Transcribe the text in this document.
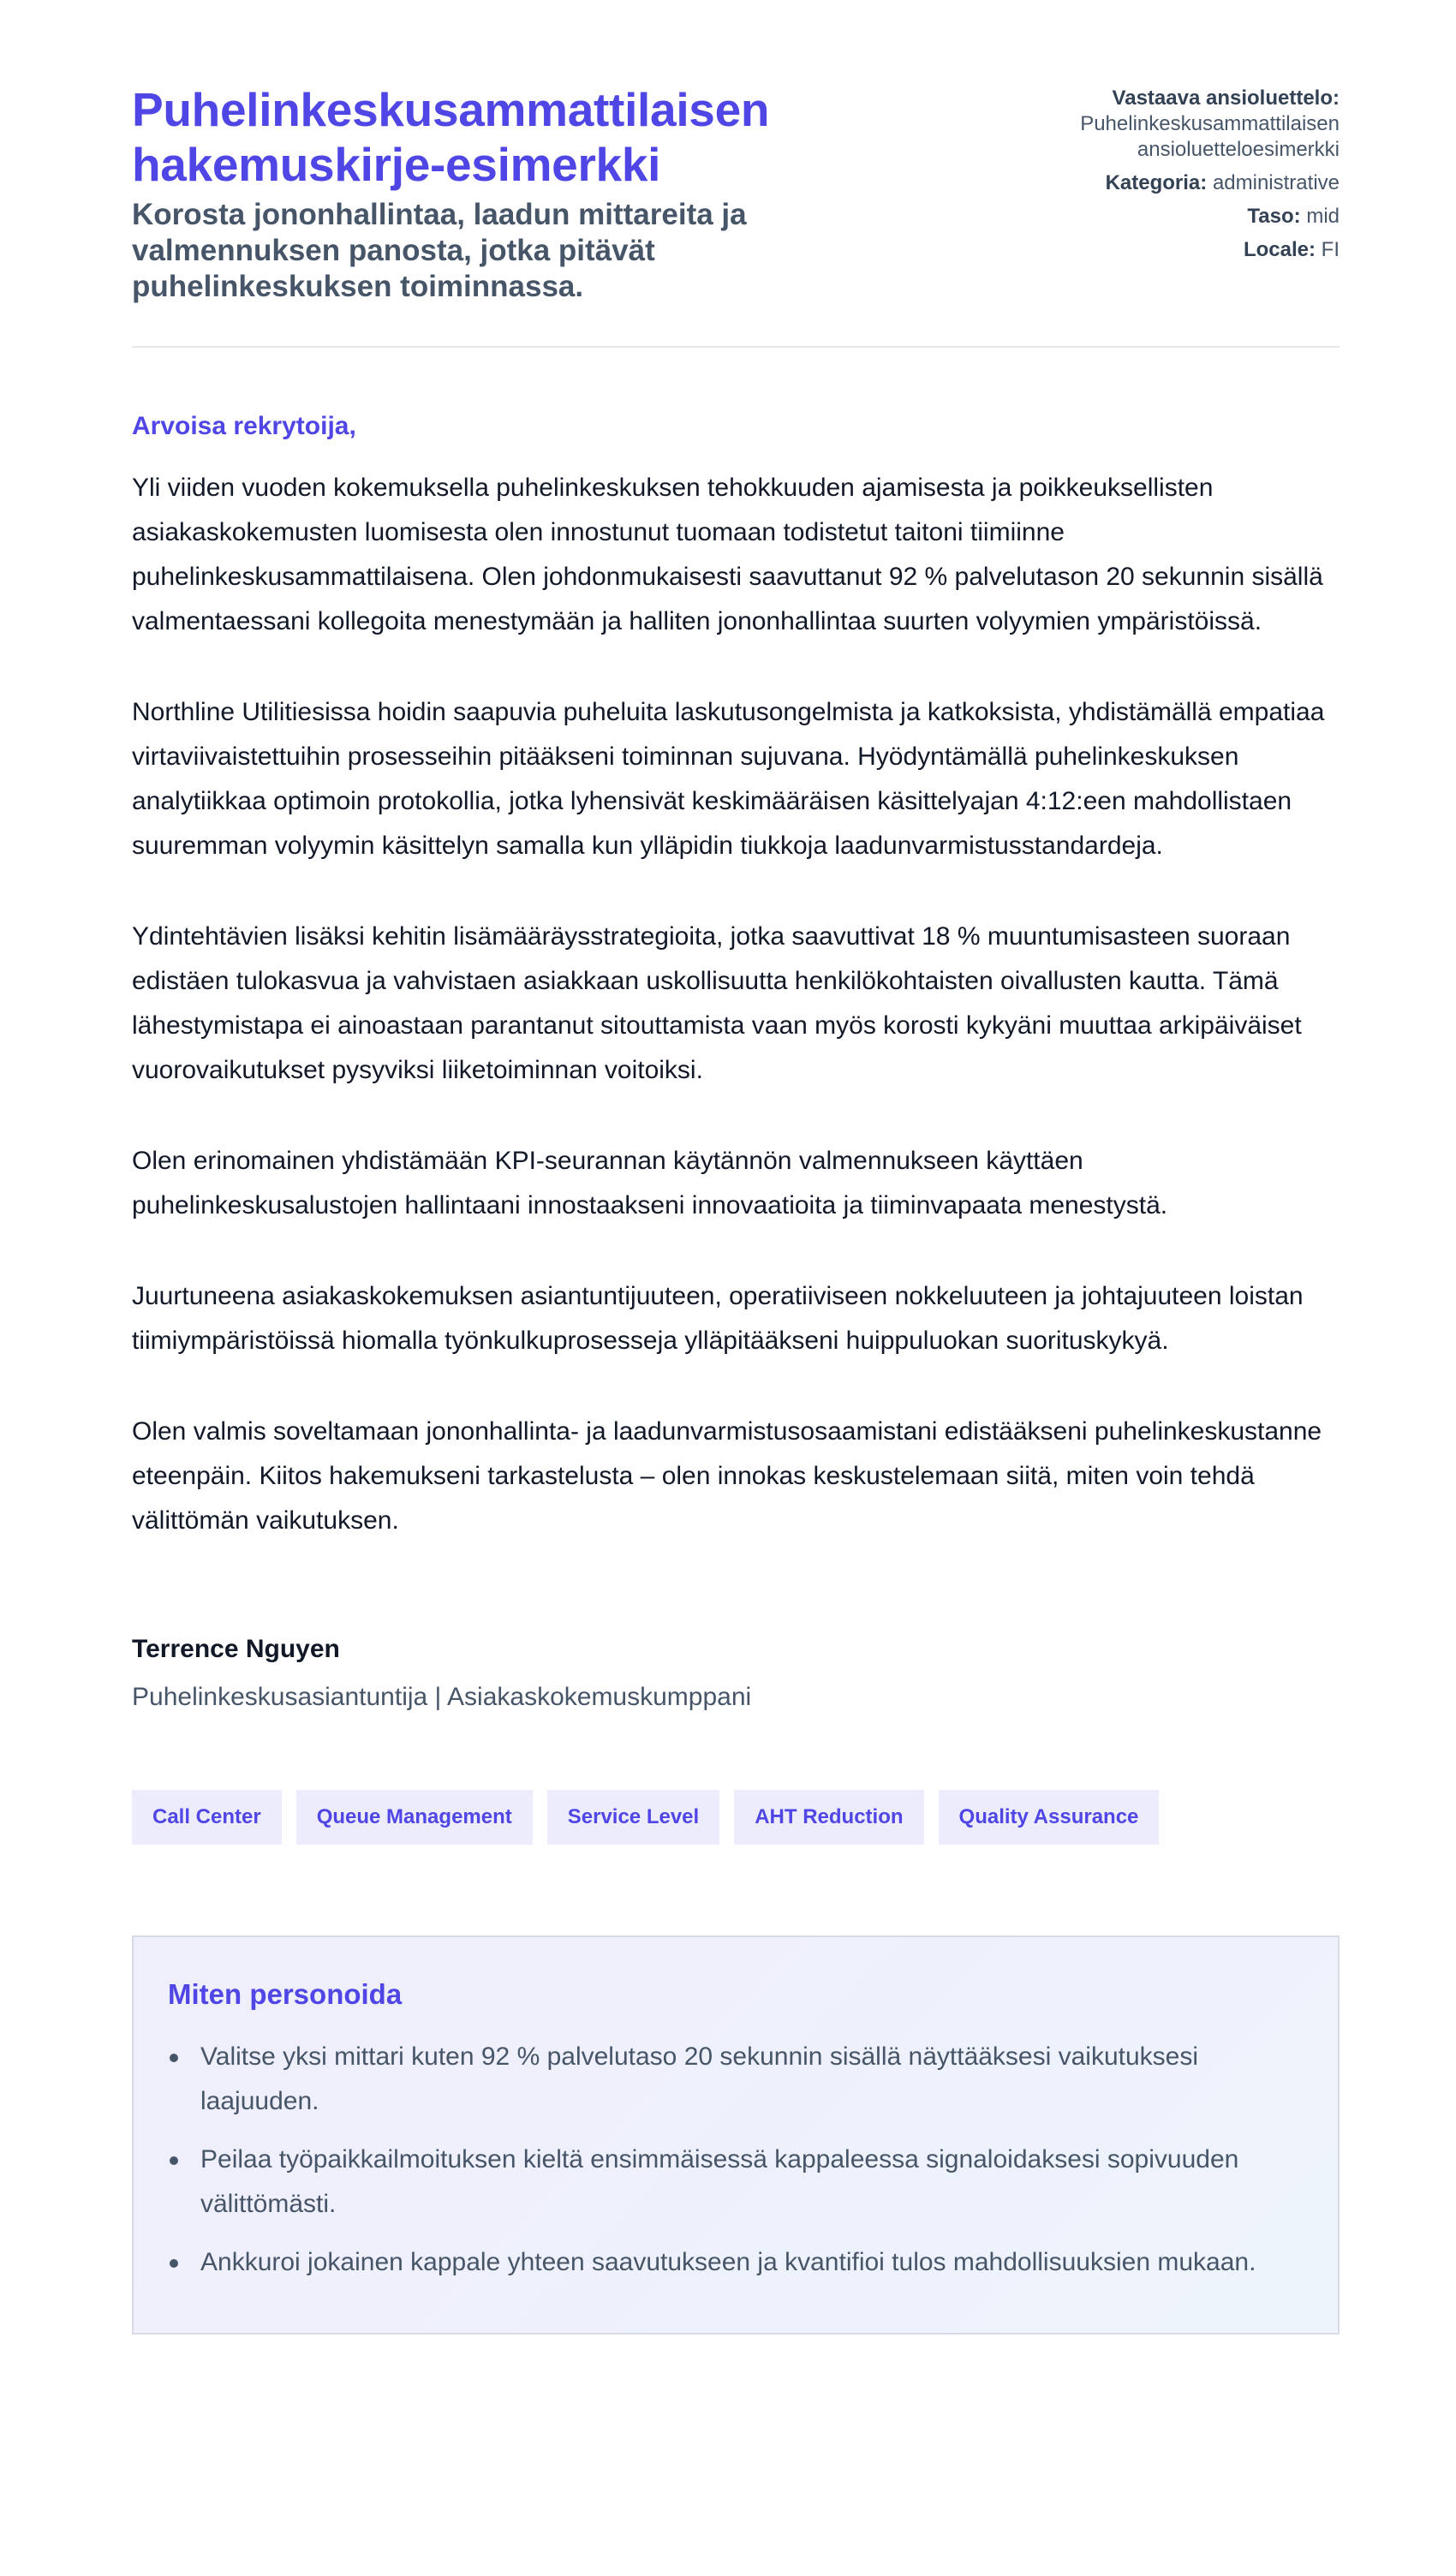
Puhelinkeskusammattilaisen hakemuskirje-esimerkki
Korosta jononhallintaa, laadun mittareita ja valmennuksen panosta, jotka pitävät puhelinkeskuksen toiminnassa.
Vastaava ansioluettelo:
Puhelinkeskusammattilaisen ansioluetteloesimerkki
Kategoria: administrative
Taso: mid
Locale: FI
Arvoisa rekrytoija,

Yli viiden vuoden kokemuksella puhelinkeskuksen tehokkuuden ajamisesta ja poikkeuksellisten asiakaskokemusten luomisesta olen innostunut tuomaan todistetut taitoni tiimiinne puhelinkeskusammattilaisena. Olen johdonmukaisesti saavuttanut 92 % palvelutason 20 sekunnin sisällä valmentaessani kollegoita menestymään ja halliten jononhallintaa suurten volyymien ympäristöissä.

Northline Utilitiesissa hoidin saapuvia puheluita laskutusongelmista ja katkoksista, yhdistämällä empatiaa virtaviivaistettuihin prosesseihin pitääkseni toiminnan sujuvana. Hyödyntämällä puhelinkeskuksen analytiikkaa optimoin protokollia, jotka lyhensivät keskimääräisen käsittelyajan 4:12:een mahdollistaen suuremman volyymin käsittelyn samalla kun ylläpidin tiukkoja laadunvarmistusstandardeja.

Ydintehtävien lisäksi kehitin lisämääräysstrategioita, jotka saavuttivat 18 % muuntumisasteen suoraan edistäen tulokasvua ja vahvistaen asiakkaan uskollisuutta henkilökohtaisten oivallusten kautta. Tämä lähestymistapa ei ainoastaan parantanut sitouttamista vaan myös korosti kykyäni muuttaa arkipäiväiset vuorovaikutukset pysyviksi liiketoiminnan voitoiksi.

Olen erinomainen yhdistämään KPI-seurannan käytännön valmennukseen käyttäen puhelinkeskusalustojen hallintaani innostaakseni innovaatioita ja tiiminvapaata menestystä.

Juurtuneena asiakaskokemuksen asiantuntijuuteen, operatiiviseen nokkeluuteen ja johtajuuteen loistan tiimiympäristöissä hiomalla työnkulkuprosesseja ylläpitääkseni huippuluokan suorituskykyä.

Olen valmis soveltamaan jononhallinta- ja laadunvarmistusosaamistani edistääkseni puhelinkeskustanne eteenpäin. Kiitos hakemukseni tarkastelusta – olen innokas keskustelemaan siitä, miten voin tehdä välittömän vaikutuksen.

Terrence Nguyen
Puhelinkeskusasiantuntija | Asiakaskokemuskumppani
Call Center	Queue Management	Service Level	AHT Reduction	Quality Assurance
Miten personoida
Valitse yksi mittari kuten 92 % palvelutaso 20 sekunnin sisällä näyttääksesi vaikutuksesi laajuuden.
Peilaa työpaikkailmoituksen kieltä ensimmäisessä kappaleessa signaloidaksesi sopivuuden välittömästi.
Ankkuroi jokainen kappale yhteen saavutukseen ja kvantifioi tulos mahdollisuuksien mukaan.
